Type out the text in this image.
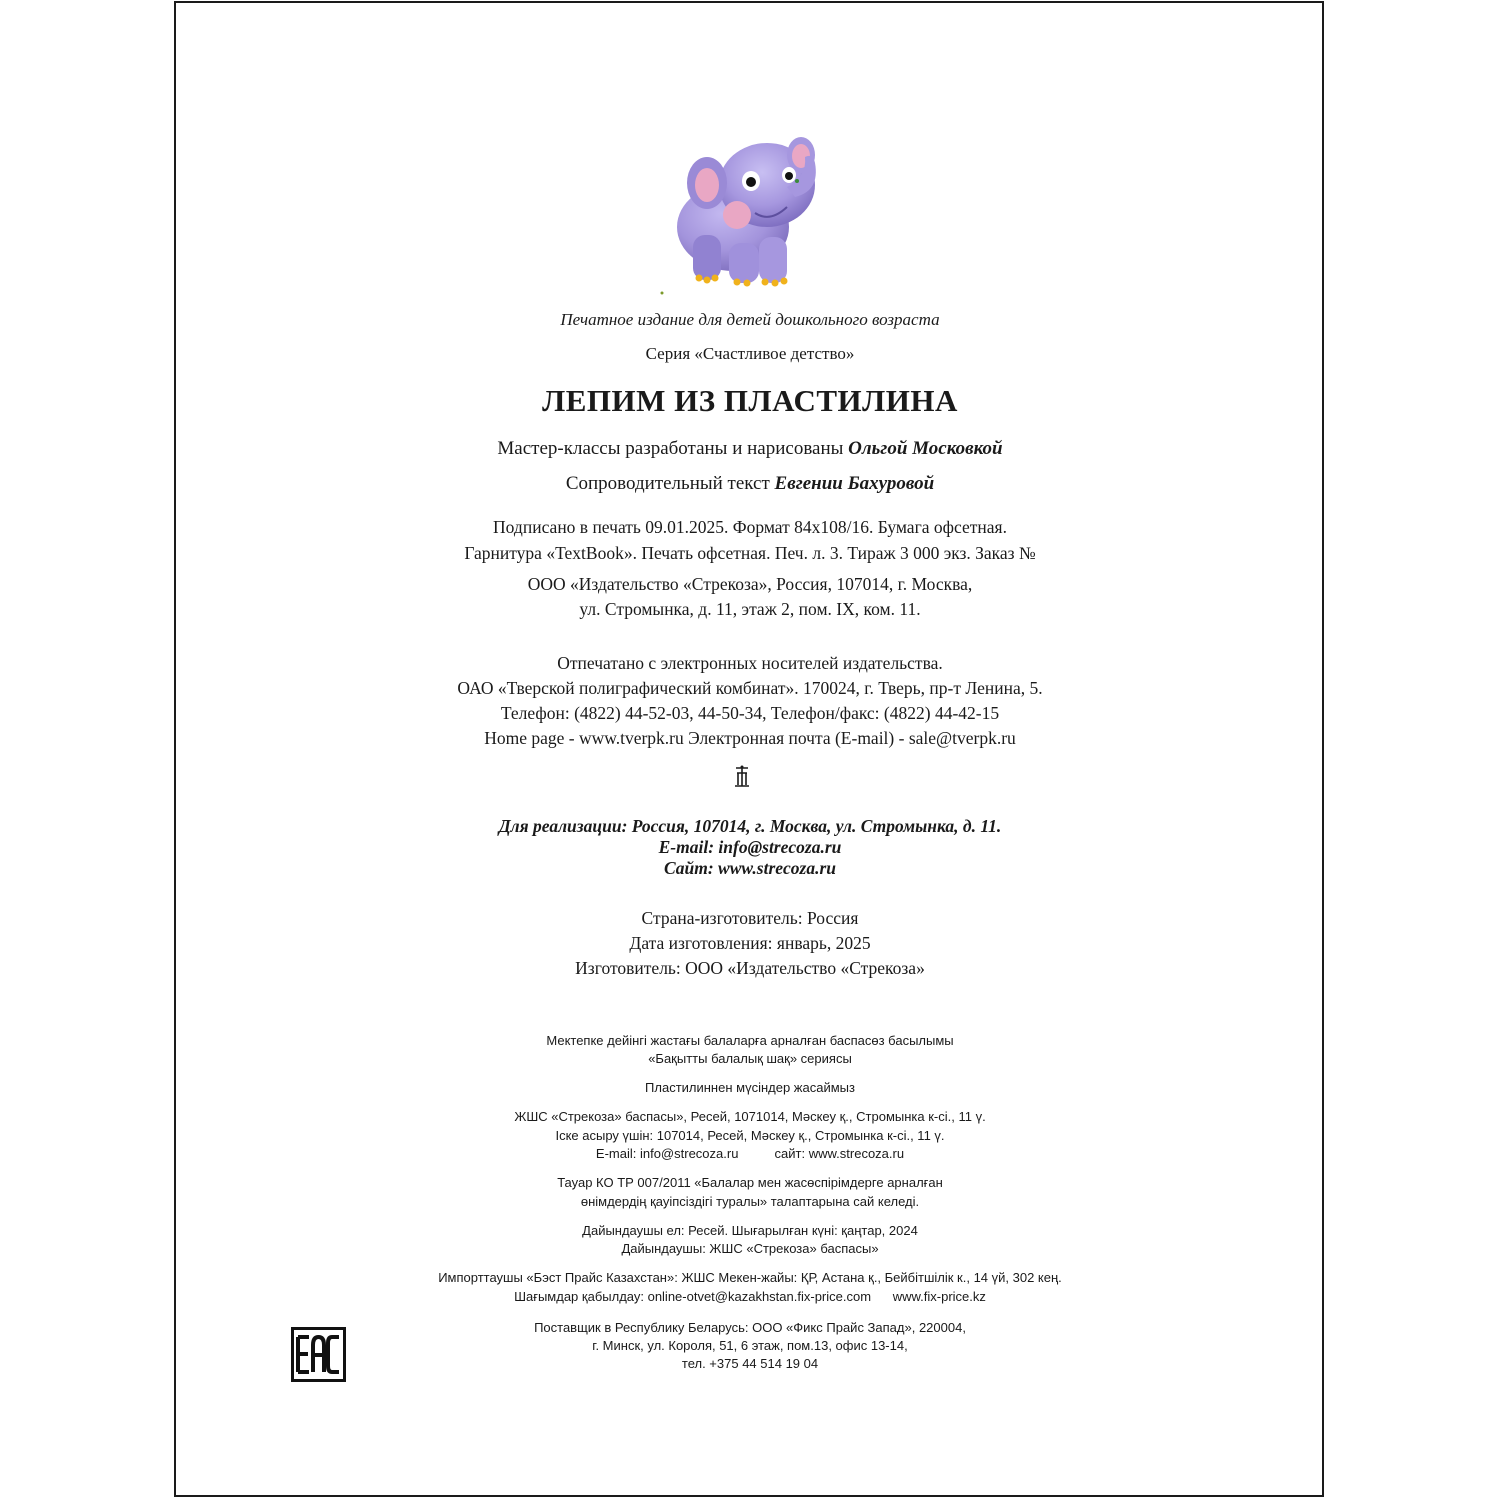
Печатное издание для детей дошкольного возраста
Серия «Счастливое детство»
ЛЕПИМ ИЗ ПЛАСТИЛИНА
Мастер-классы разработаны и нарисованы Ольгой Московкой
Сопроводительный текст Евгении Бахуровой
Подписано в печать 09.01.2025. Формат 84х108/16. Бумага офсетная.
Гарнитура «TextBook». Печать офсетная. Печ. л. 3. Тираж 3 000 экз. Заказ №
ООО «Издательство «Стрекоза», Россия, 107014, г. Москва,
ул. Стромынка, д. 11, этаж 2, пом. IX, ком. 11.
Отпечатано с электронных носителей издательства.
ОАО «Тверской полиграфический комбинат». 170024, г. Тверь, пр-т Ленина, 5.
Телефон: (4822) 44-52-03, 44-50-34, Телефон/факс: (4822) 44-42-15
Home page - www.tverpk.ru Электронная почта (E-mail) - sale@tverpk.ru
Для реализации: Россия, 107014, г. Москва, ул. Стромынка, д. 11.
E-mail: info@strecoza.ru
Сайт: www.strecoza.ru
Страна-изготовитель: Россия
Дата изготовления: январь, 2025
Изготовитель: ООО «Издательство «Стрекоза»
Мектепке дейінгі жастағы балаларға арналған баспасөз басылымы
«Бақытты балалық шақ» сериясы
Пластилиннен мүсіндер жасаймыз
ЖШС «Стрекоза» баспасы», Ресей, 1071014, Мәскеу қ., Стромынка к-сі., 11 ү.
Іске асыру үшін: 107014, Ресей, Мәскеу қ., Стромынка к-сі., 11 ү.
E-mail: info@strecoza.ru          сайт: www.strecoza.ru
Тауар КО ТР 007/2011 «Балалар мен жасөспірімдерге арналған
өнімдердің қауіпсіздігі туралы» талаптарына сай келеді.
Дайындаушы ел: Ресей. Шығарылған күні: қаңтар, 2024
Дайындаушы: ЖШС «Стрекоза» баспасы»
Импорттаушы «Бэст Прайс Казахстан»: ЖШС Мекен-жайы: ҚР, Астана қ., Бейбітшілік к., 14 үй, 302 кең.
Шағымдар қабылдау: online-otvet@kazakhstan.fix-price.com      www.fix-price.kz
Поставщик в Республику Беларусь: ООО «Фикс Прайс Запад», 220004,
г. Минск, ул. Короля, 51, 6 этаж, пом.13, офис 13-14,
тел. +375 44 514 19 04
